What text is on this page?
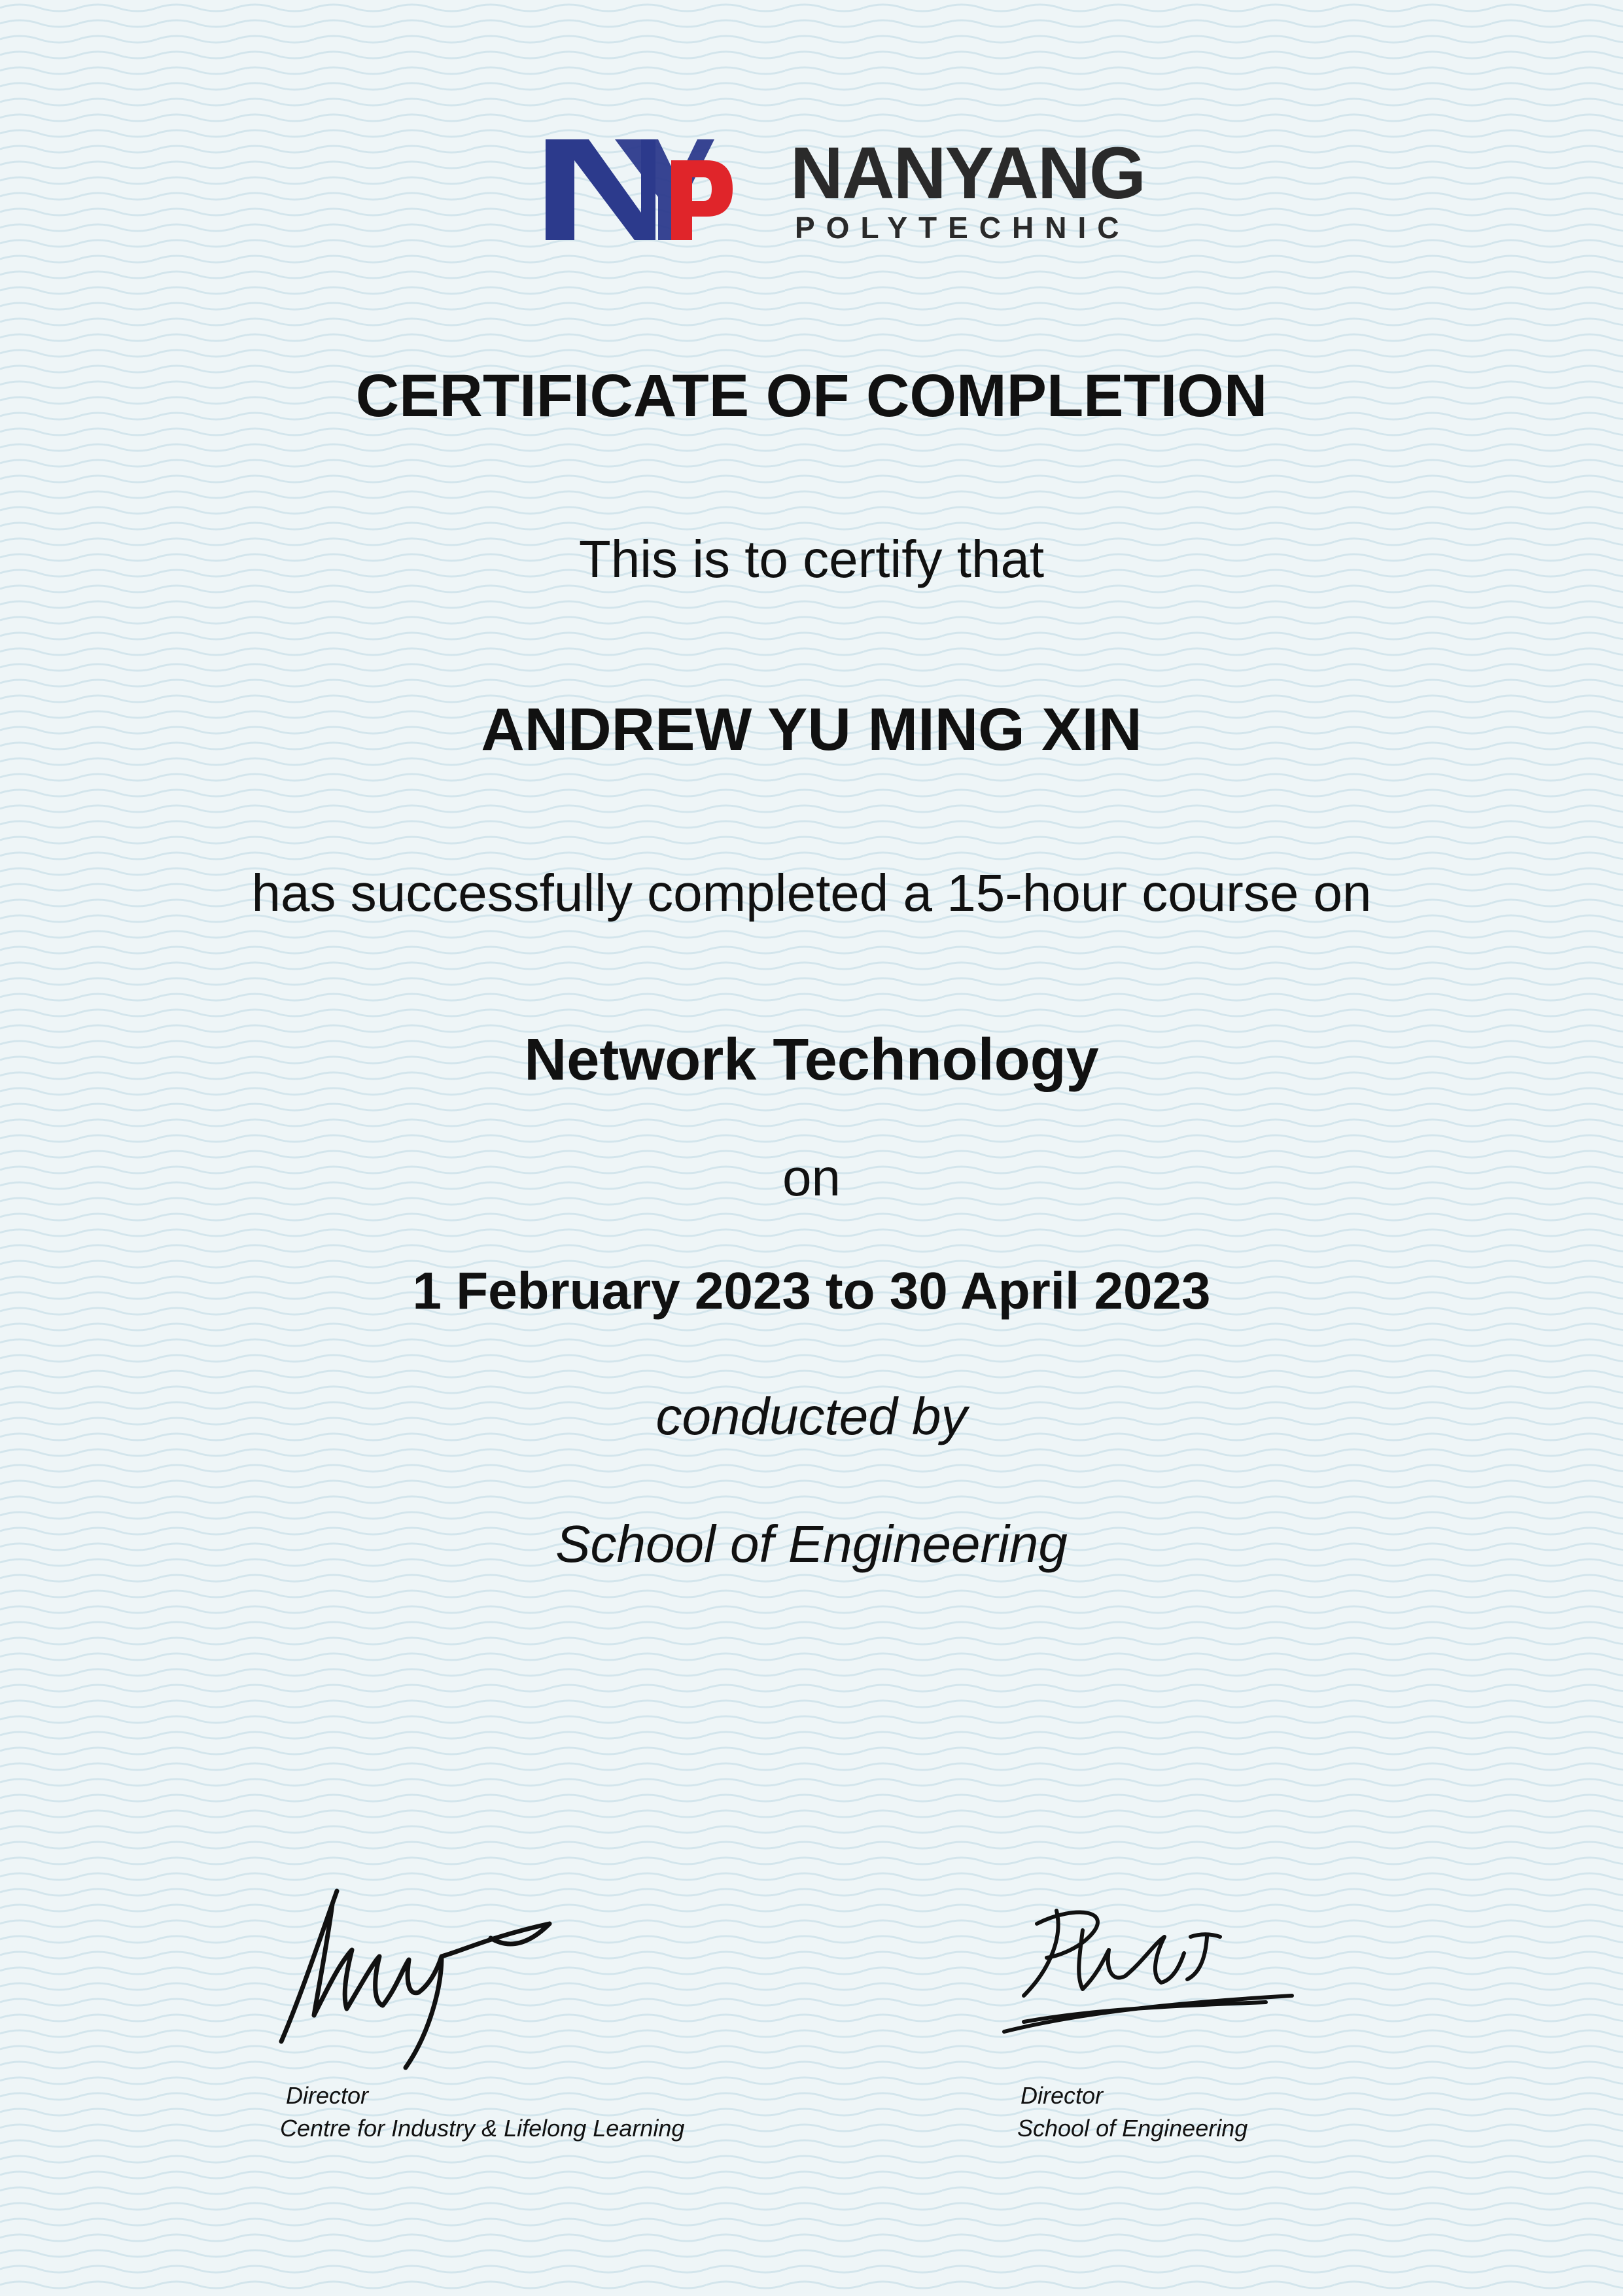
NANYANG
POLYTECHNIC
CERTIFICATE OF COMPLETION
This is to certify that
ANDREW YU MING XIN
has successfully completed a 15-hour course on
Network Technology
on
1 February 2023 to 30 April 2023
conducted by
School of Engineering
Director
Centre for Industry & Lifelong Learning
Director
School of Engineering
